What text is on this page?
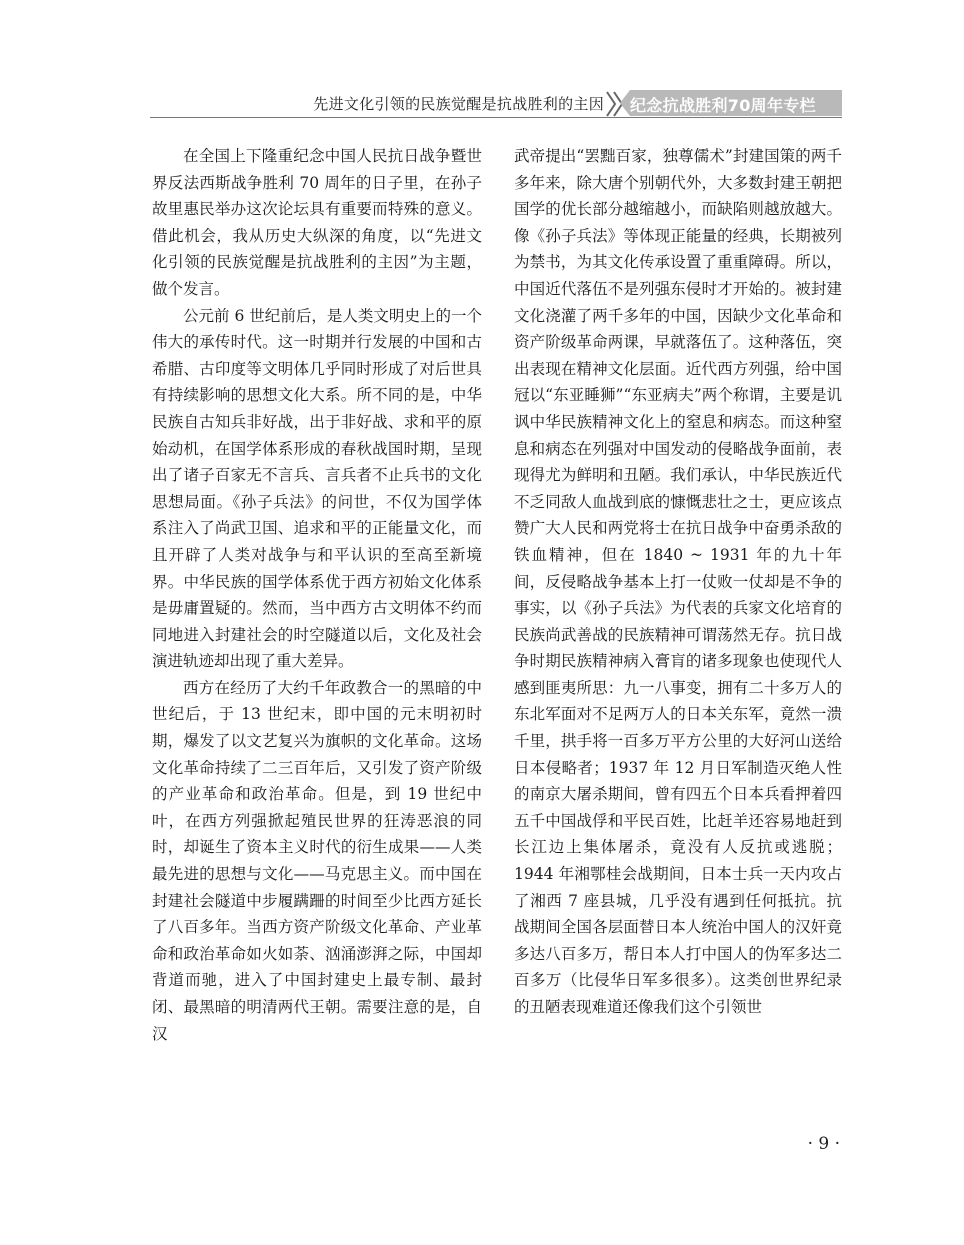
先进文化引领的民族觉醒是抗战胜利的主因 纪念抗战胜利70周年专栏

在全国上下隆重纪念中国人民抗日战争暨世界反法西斯战争胜利 70 周年的日子里，在孙子故里惠民举办这次论坛具有重要而特殊的意义。借此机会，我从历史大纵深的角度，以“先进文化引领的民族觉醒是抗战胜利的主因”为主题，做个发言。

公元前 6 世纪前后，是人类文明史上的一个伟大的承传时代。这一时期并行发展的中国和古希腊、古印度等文明体几乎同时形成了对后世具有持续影响的思想文化大系。所不同的是，中华民族自古知兵非好战，出于非好战、求和平的原始动机，在国学体系形成的春秋战国时期，呈现出了诸子百家无不言兵、言兵者不止兵书的文化思想局面。《孙子兵法》的问世，不仅为国学体系注入了尚武卫国、追求和平的正能量文化，而且开辟了人类对战争与和平认识的至高至新境界。中华民族的国学体系优于西方初始文化体系是毋庸置疑的。然而，当中西方古文明体不约而同地进入封建社会的时空隧道以后，文化及社会演进轨迹却出现了重大差异。

西方在经历了大约千年政教合一的黑暗的中世纪后，于 13 世纪末，即中国的元末明初时期，爆发了以文艺复兴为旗帜的文化革命。这场文化革命持续了二三百年后，又引发了资产阶级的产业革命和政治革命。但是，到 19 世纪中叶，在西方列强掀起殖民世界的狂涛恶浪的同时，却诞生了资本主义时代的衍生成果——人类最先进的思想与文化——马克思主义。而中国在封建社会隧道中步履蹒跚的时间至少比西方延长了八百多年。当西方资产阶级文化革命、产业革命和政治革命如火如荼、汹涌澎湃之际，中国却背道而驰，进入了中国封建史上最专制、最封闭、最黑暗的明清两代王朝。需要注意的是，自汉

武帝提出“罢黜百家，独尊儒术”封建国策的两千多年来，除大唐个别朝代外，大多数封建王朝把国学的优长部分越缩越小，而缺陷则越放越大。像《孙子兵法》等体现正能量的经典，长期被列为禁书，为其文化传承设置了重重障碍。所以，中国近代落伍不是列强东侵时才开始的。被封建文化浇灌了两千多年的中国，因缺少文化革命和资产阶级革命两课，早就落伍了。这种落伍，突出表现在精神文化层面。近代西方列强，给中国冠以“东亚睡狮”“东亚病夫”两个称谓，主要是讥讽中华民族精神文化上的窒息和病态。而这种窒息和病态在列强对中国发动的侵略战争面前，表现得尤为鲜明和丑陋。我们承认，中华民族近代不乏同敌人血战到底的慷慨悲壮之士，更应该点赞广大人民和两党将士在抗日战争中奋勇杀敌的铁血精神，但在 1840 ~ 1931 年的九十年间，反侵略战争基本上打一仗败一仗却是不争的事实，以《孙子兵法》为代表的兵家文化培育的民族尚武善战的民族精神可谓荡然无存。抗日战争时期民族精神病入膏肓的诸多现象也使现代人感到匪夷所思：九一八事变，拥有二十多万人的东北军面对不足两万人的日本关东军，竟然一溃千里，拱手将一百多万平方公里的大好河山送给日本侵略者；1937 年 12 月日军制造灭绝人性的南京大屠杀期间，曾有四五个日本兵看押着四五千中国战俘和平民百姓，比赶羊还容易地赶到长江边上集体屠杀，竟没有人反抗或逃脱；1944 年湘鄂桂会战期间，日本士兵一天内攻占了湘西 7 座县城，几乎没有遇到任何抵抗。抗战期间全国各层面替日本人统治中国人的汉奸竟多达八百多万，帮日本人打中国人的伪军多达二百多万（比侵华日军多很多）。这类创世界纪录的丑陋表现难道还像我们这个引领世

· 9 ·
